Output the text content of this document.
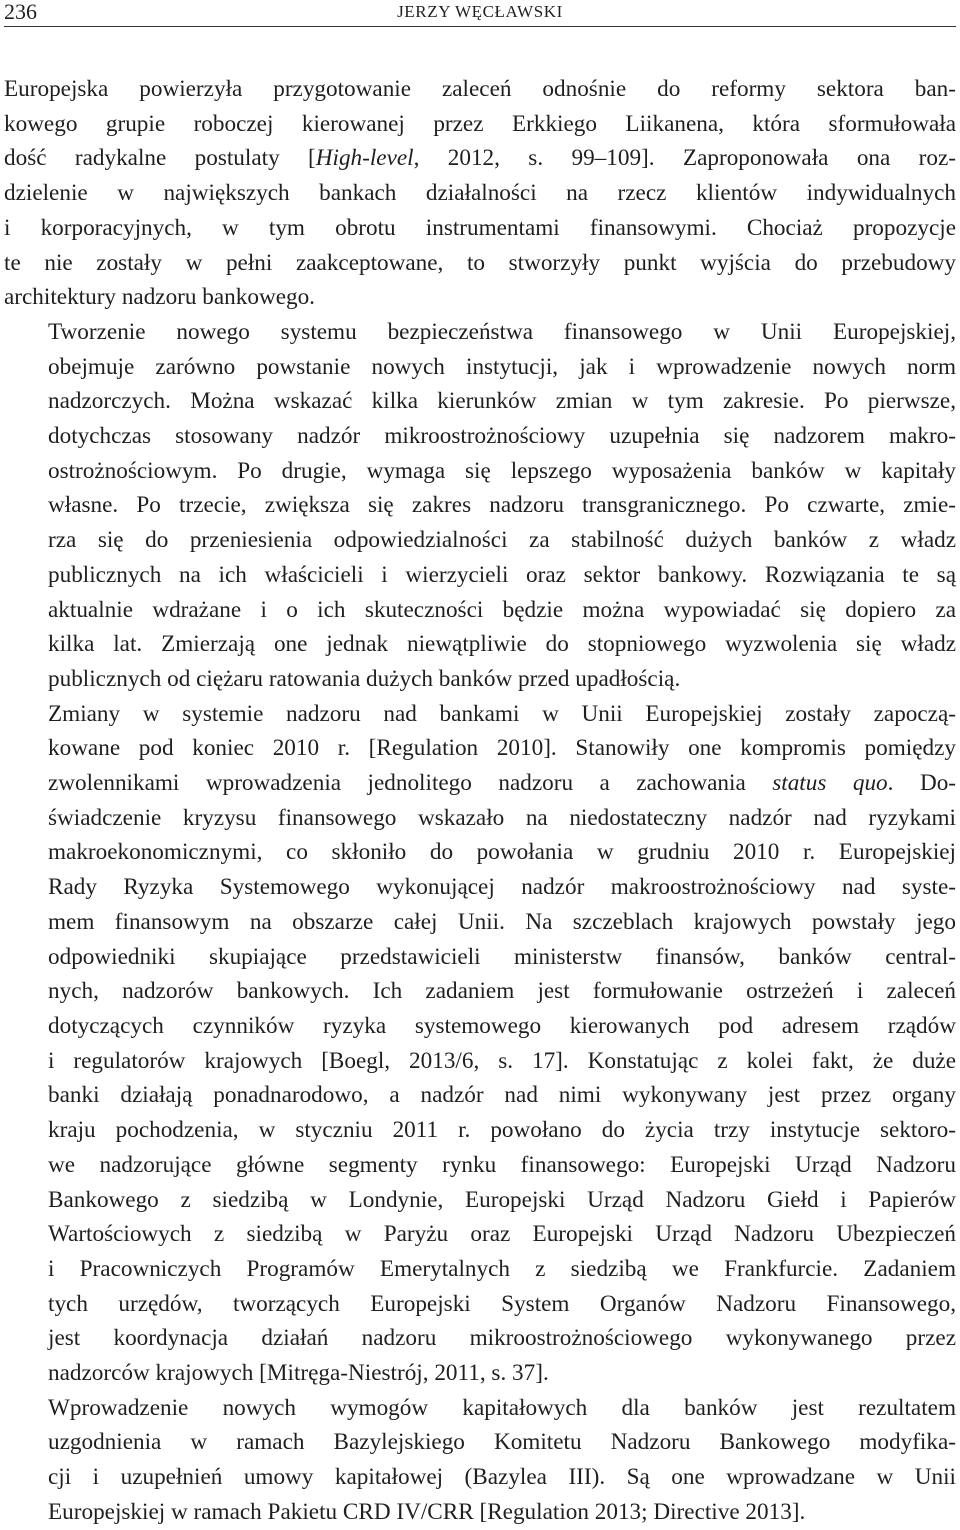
236	JERZY WĘCŁAWSKI

Europejska powierzyła przygotowanie zaleceń odnośnie do reformy sektora ban-
kowego grupie roboczej kierowanej przez Erkkiego Liikanena, która sformułowała
dość radykalne postulaty [High-level, 2012, s. 99–109]. Zaproponowała ona roz-
dzielenie w największych bankach działalności na rzecz klientów indywidualnych
i korporacyjnych, w tym obrotu instrumentami finansowymi. Chociaż propozycje
te nie zostały w pełni zaakceptowane, to stworzyły punkt wyjścia do przebudowy
architektury nadzoru bankowego.

Tworzenie nowego systemu bezpieczeństwa finansowego w Unii Europejskiej,
obejmuje zarówno powstanie nowych instytucji, jak i wprowadzenie nowych norm
nadzorczych. Można wskazać kilka kierunków zmian w tym zakresie. Po pierwsze,
dotychczas stosowany nadzór mikroostrożnościowy uzupełnia się nadzorem makro-
ostrożnościowym. Po drugie, wymaga się lepszego wyposażenia banków w kapitały
własne. Po trzecie, zwiększa się zakres nadzoru transgranicznego. Po czwarte, zmie-
rza się do przeniesienia odpowiedzialności za stabilność dużych banków z władz
publicznych na ich właścicieli i wierzycieli oraz sektor bankowy. Rozwiązania te są
aktualnie wdrażane i o ich skuteczności będzie można wypowiadać się dopiero za
kilka lat. Zmierzają one jednak niewątpliwie do stopniowego wyzwolenia się władz
publicznych od ciężaru ratowania dużych banków przed upadłością.

Zmiany w systemie nadzoru nad bankami w Unii Europejskiej zostały zapoczą-
kowane pod koniec 2010 r. [Regulation 2010]. Stanowiły one kompromis pomiędzy
zwolennikami wprowadzenia jednolitego nadzoru a zachowania status quo. Do-
świadczenie kryzysu finansowego wskazało na niedostateczny nadzór nad ryzykami
makroekonomicznymi, co skłoniło do powołania w grudniu 2010 r. Europejskiej
Rady Ryzyka Systemowego wykonującej nadzór makroostrożnościowy nad syste-
mem finansowym na obszarze całej Unii. Na szczeblach krajowych powstały jego
odpowiedniki skupiające przedstawicieli ministerstw finansów, banków central-
nych, nadzorów bankowych. Ich zadaniem jest formułowanie ostrzeżeń i zaleceń
dotyczących czynników ryzyka systemowego kierowanych pod adresem rządów
i regulatorów krajowych [Boegl, 2013/6, s. 17]. Konstatując z kolei fakt, że duże
banki działają ponadnarodowo, a nadzór nad nimi wykonywany jest przez organy
kraju pochodzenia, w styczniu 2011 r. powołano do życia trzy instytucje sektoro-
we nadzorujące główne segmenty rynku finansowego: Europejski Urząd Nadzoru
Bankowego z siedzibą w Londynie, Europejski Urząd Nadzoru Giełd i Papierów
Wartościowych z siedzibą w Paryżu oraz Europejski Urząd Nadzoru Ubezpieczeń
i Pracowniczych Programów Emerytalnych z siedzibą we Frankfurcie. Zadaniem
tych urzędów, tworzących Europejski System Organów Nadzoru Finansowego,
jest koordynacja działań nadzoru mikroostrożnościowego wykonywanego przez
nadzorców krajowych [Mitręga-Niestrój, 2011, s. 37].

Wprowadzenie nowych wymogów kapitałowych dla banków jest rezultatem
uzgodnienia w ramach Bazylejskiego Komitetu Nadzoru Bankowego modyfika-
cji i uzupełnień umowy kapitałowej (Bazylea III). Są one wprowadzane w Unii
Europejskiej w ramach Pakietu CRD IV/CRR [Regulation 2013; Directive 2013].
